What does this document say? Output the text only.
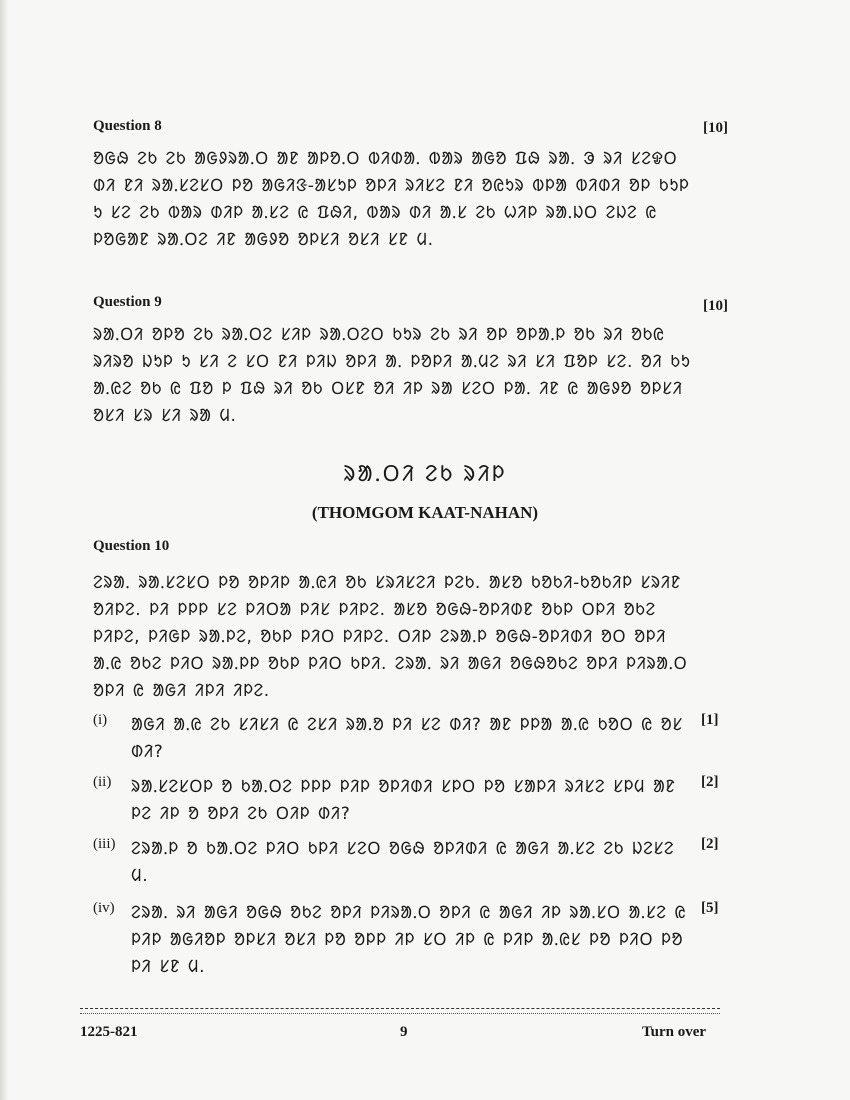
Question 8	[10]
ᱚᱜᱷ ᱮᱠ ᱮᱠ ᱟᱜᱽᱨᱟᱹᱛ ᱟᱱ ᱟᱞᱚᱹᱛ ᱵᱤᱰᱟᱹ ᱵᱟᱨ ᱟᱜᱚ ᱯᱷ ᱨᱟᱹ ᱳ ᱨᱤ ᱥᱮᱫᱛ ᱰᱤ ᱱᱤ ᱨᱟᱹᱥᱮᱥᱛ ᱞᱚ ᱟᱜᱤᱝ-ᱟᱥᱩᱞ ᱚᱞᱤ ᱨᱤᱥᱮ ᱱᱤ ᱚᱭᱩᱨ ᱵᱞᱟ ᱵᱤᱰᱤ ᱚᱞ ᱠᱩᱞ ᱩ ᱥᱮ ᱮᱠ ᱵᱟᱨ ᱰᱤᱞ ᱟᱹᱥᱮ ᱭ ᱯᱷᱤ, ᱵᱟᱨ ᱰᱤ ᱟᱹᱥ ᱮᱠ ᱦᱤᱞ ᱨᱟᱹᱡᱛ ᱮᱡᱮ ᱭ ᱞᱚᱜᱟᱱ ᱨᱟᱹᱛᱮ ᱤᱱ ᱟᱜᱽᱚ ᱚᱞᱥᱤ ᱚᱥᱤ ᱥᱱ ᱢ.
Question 9	[10]
ᱨᱟᱹᱛᱤ ᱚᱞᱚ ᱮᱠ ᱨᱟᱹᱛᱮ ᱥᱤᱞ ᱨᱟᱹᱛᱮᱛ ᱠᱩᱨ ᱮᱠ ᱨᱤ ᱚᱞ ᱚᱞᱟᱹᱞ ᱚᱠ ᱨᱤ ᱚᱠᱭ ᱨᱤᱨᱚ ᱡᱩᱞ ᱩ ᱥᱤ ᱮ ᱥᱛ ᱱᱤ ᱞᱤᱡ ᱚᱞᱤ ᱟᱹ ᱞᱚᱞᱤ ᱟᱹᱢᱮ ᱨᱤ ᱥᱤ ᱯᱚᱞ ᱥᱮ. ᱚᱤ ᱠᱩ ᱟᱹᱭᱮ ᱚᱠ ᱭ ᱯᱚ ᱞ ᱯᱷ ᱨᱤ ᱚᱠ ᱛᱥᱱ ᱚᱤ ᱤᱞ ᱨᱟ ᱥᱮᱛ ᱞᱟᱹ ᱤᱱ ᱭ ᱟᱜᱽᱚ ᱚᱞᱥᱤ ᱚᱥᱤ ᱥᱨ ᱥᱤ ᱨᱟ ᱢ.
ᱨᱟᱹᱛᱤ ᱮᱠ ᱨᱤᱞ
(THOMGOM KAAT-NAHAN)
Question 10
ᱮᱨᱟᱹ ᱨᱟᱹᱥᱮᱥᱛ ᱞᱚ ᱚᱞᱤᱞ ᱟᱹᱭᱤ ᱚᱠ ᱥᱨᱤᱥᱮᱤ ᱞᱮᱠ. ᱟᱥᱚ ᱠᱚᱠᱤ-ᱠᱚᱠᱤᱞ ᱥᱨᱤᱱ ᱚᱤᱞᱮ. ᱞᱤ ᱞᱞᱞ ᱥᱮ ᱞᱤᱛᱟ ᱞᱤᱥ ᱞᱤᱞᱮ. ᱟᱥᱚ ᱚᱜᱷ-ᱚᱞᱤᱰᱱ ᱚᱠᱞ ᱛᱞᱤ ᱚᱠᱮ ᱞᱤᱞᱮ, ᱞᱤᱜᱞ ᱨᱟᱹᱞᱮ, ᱚᱠᱞ ᱞᱤᱛ ᱞᱤᱞᱮ. ᱛᱤᱞ ᱮᱨᱟᱹᱞ ᱚᱜᱷ-ᱚᱞᱤᱰᱤ ᱚᱛ ᱚᱞᱤ ᱟᱹᱭ ᱚᱠᱮ ᱞᱤᱛ ᱨᱟᱹᱞᱞ ᱚᱠᱞ ᱞᱤᱛ ᱠᱞᱤ. ᱮᱨᱟᱹ ᱨᱤ ᱟᱜᱤ ᱚᱜᱷᱚᱠᱮ ᱚᱞᱤ ᱞᱤᱨᱟᱹᱛ ᱚᱞᱤ ᱭ ᱟᱜᱤ ᱤᱞᱤ ᱤᱞᱮ.
(i)	ᱟᱜᱤ ᱟᱹᱭ ᱮᱠ ᱥᱤᱥᱤ ᱭ ᱮᱥᱤ ᱨᱟᱹᱚ ᱞᱤ ᱥᱮ ᱰᱤ? ᱟᱱ ᱞᱞᱟ ᱟᱹᱭ ᱠᱚᱛ ᱭ ᱚᱥ ᱰᱤ?
[1]
(ii)	ᱨᱟᱹᱥᱮᱥᱛᱞ ᱚ ᱠᱟᱹᱛᱮ ᱞᱞᱞ ᱞᱤᱞ ᱚᱞᱤᱰᱤ ᱥᱞᱛ ᱞᱚ ᱥᱟᱞᱤ ᱨᱤᱥᱮ ᱥᱞᱢ ᱟᱱ ᱞᱮ ᱤᱞ ᱚ ᱚᱞᱤ ᱮᱠ ᱛᱤᱞ ᱰᱤ?
[2]
(iii) ᱮᱨᱟᱹᱞ ᱚ ᱠᱟᱹᱛᱮ ᱞᱤᱛ ᱠᱞᱤ ᱥᱮᱛ ᱚᱜᱷ ᱚᱞᱤᱰᱤ ᱭ ᱟᱜᱤ ᱟᱹᱥᱮ ᱮᱠ ᱡᱮᱥᱮ ᱢ.
[2]
(iv) ᱮᱨᱟᱹ ᱨᱤ ᱟᱜᱤ ᱚᱜᱷ ᱚᱠᱮ ᱚᱞᱤ ᱞᱤᱨᱟᱹᱛ ᱚᱞᱤ ᱭ ᱟᱜᱤ ᱤᱞ ᱨᱟᱹᱥᱛ ᱟᱹᱥᱮ ᱭ ᱞᱤᱞ ᱟᱜᱤᱚᱞ ᱚᱞᱥᱤ ᱚᱥᱤ ᱞᱚ ᱚᱞᱞ ᱤᱞ ᱥᱛ ᱤᱞ ᱭ ᱞᱤᱞ ᱟᱹᱭᱥ ᱞᱚ ᱞᱤᱛ ᱞᱚ ᱞᱤ ᱥᱱ ᱢ.
[5]
1225-821	9	Turn over
